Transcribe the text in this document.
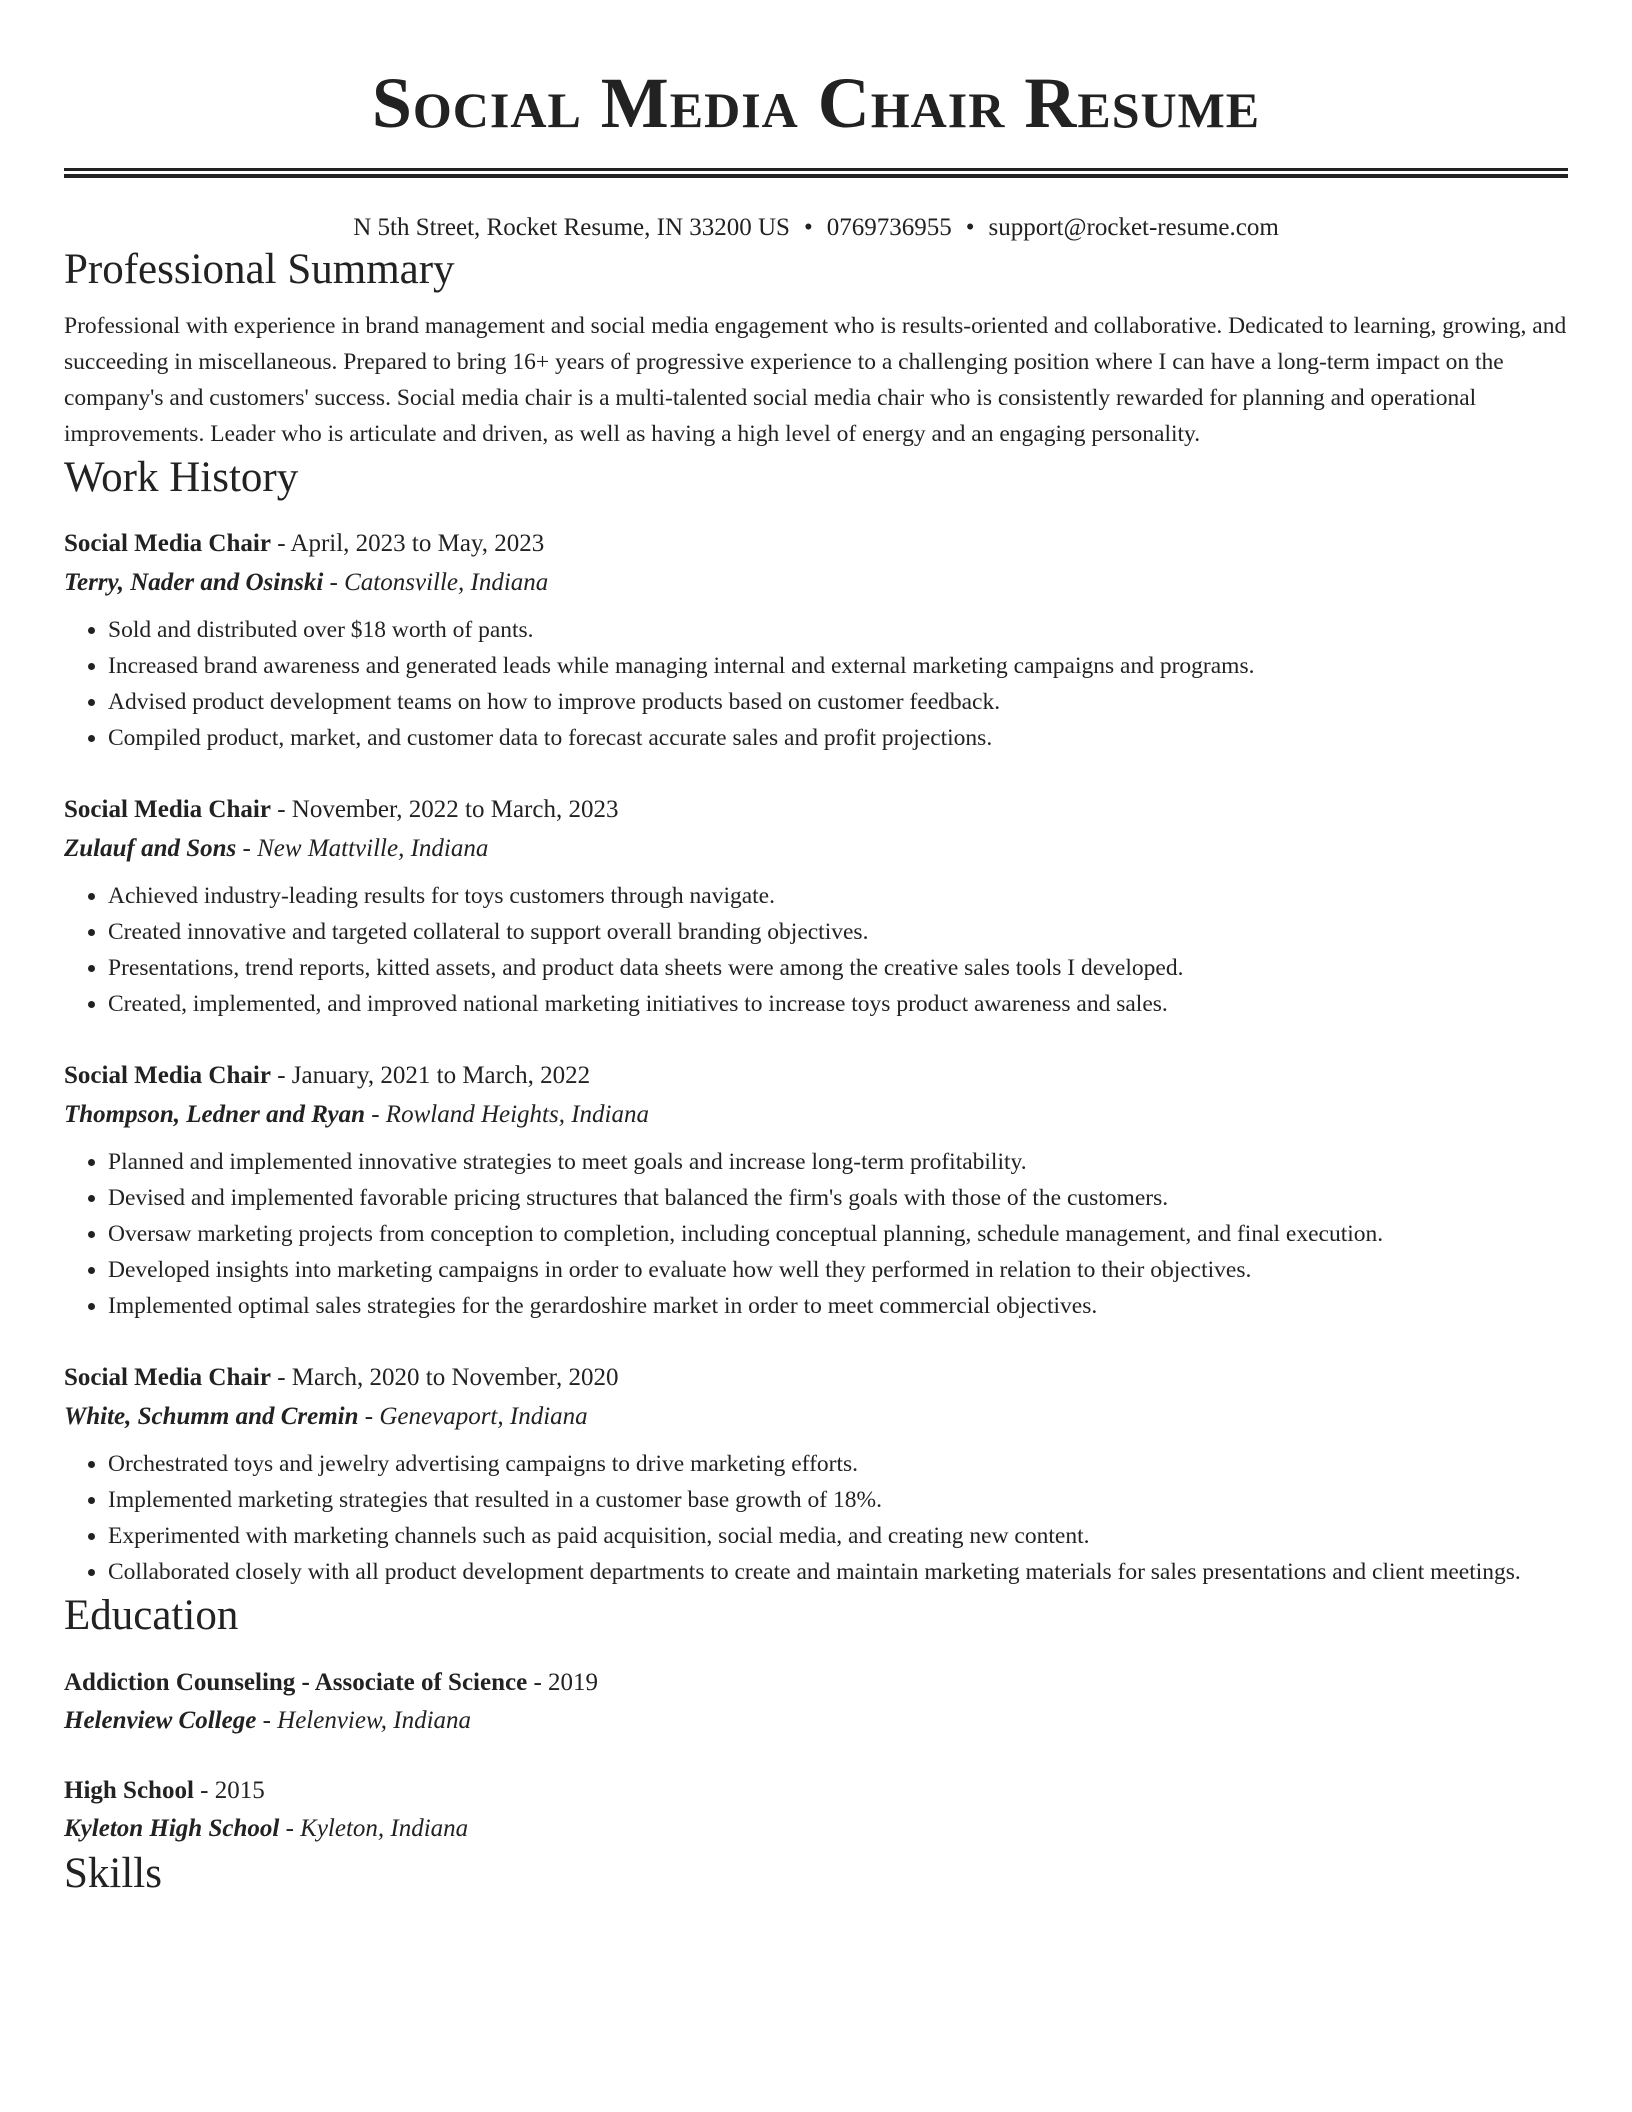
Social Media Chair Resume
N 5th Street, Rocket Resume, IN 33200 US • 0769736955 • support@rocket-resume.com
Professional Summary
Professional with experience in brand management and social media engagement who is results-oriented and collaborative. Dedicated to learning, growing, and succeeding in miscellaneous. Prepared to bring 16+ years of progressive experience to a challenging position where I can have a long-term impact on the company's and customers' success. Social media chair is a multi-talented social media chair who is consistently rewarded for planning and operational improvements. Leader who is articulate and driven, as well as having a high level of energy and an engaging personality.
Work History
Social Media Chair - April, 2023 to May, 2023
Terry, Nader and Osinski - Catonsville, Indiana
• Sold and distributed over $18 worth of pants.
• Increased brand awareness and generated leads while managing internal and external marketing campaigns and programs.
• Advised product development teams on how to improve products based on customer feedback.
• Compiled product, market, and customer data to forecast accurate sales and profit projections.
Social Media Chair - November, 2022 to March, 2023
Zulauf and Sons - New Mattville, Indiana
• Achieved industry-leading results for toys customers through navigate.
• Created innovative and targeted collateral to support overall branding objectives.
• Presentations, trend reports, kitted assets, and product data sheets were among the creative sales tools I developed.
• Created, implemented, and improved national marketing initiatives to increase toys product awareness and sales.
Social Media Chair - January, 2021 to March, 2022
Thompson, Ledner and Ryan - Rowland Heights, Indiana
• Planned and implemented innovative strategies to meet goals and increase long-term profitability.
• Devised and implemented favorable pricing structures that balanced the firm's goals with those of the customers.
• Oversaw marketing projects from conception to completion, including conceptual planning, schedule management, and final execution.
• Developed insights into marketing campaigns in order to evaluate how well they performed in relation to their objectives.
• Implemented optimal sales strategies for the gerardoshire market in order to meet commercial objectives.
Social Media Chair - March, 2020 to November, 2020
White, Schumm and Cremin - Genevaport, Indiana
• Orchestrated toys and jewelry advertising campaigns to drive marketing efforts.
• Implemented marketing strategies that resulted in a customer base growth of 18%.
• Experimented with marketing channels such as paid acquisition, social media, and creating new content.
• Collaborated closely with all product development departments to create and maintain marketing materials for sales presentations and client meetings.
Education
Addiction Counseling - Associate of Science - 2019
Helenview College - Helenview, Indiana
High School - 2015
Kyleton High School - Kyleton, Indiana
Skills
